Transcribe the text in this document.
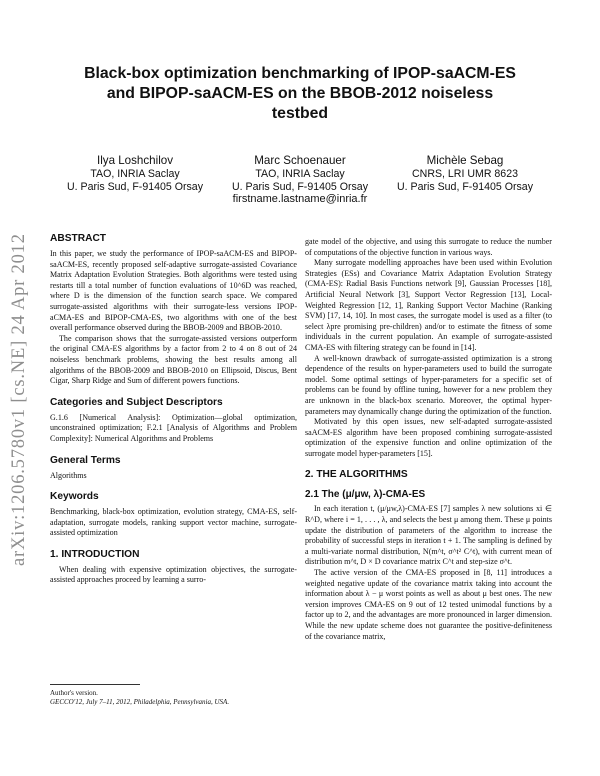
arXiv:1206.5780v1 [cs.NE] 24 Apr 2012
Black-box optimization benchmarking of IPOP-saACM-ES
and BIPOP-saACM-ES on the BBOB-2012 noiseless
testbed
Ilya Loshchilov
TAO, INRIA Saclay
U. Paris Sud, F-91405 Orsay
Marc Schoenauer
TAO, INRIA Saclay
U. Paris Sud, F-91405 Orsay
firstname.lastname@inria.fr
Michèle Sebag
CNRS, LRI UMR 8623
U. Paris Sud, F-91405 Orsay
ABSTRACT

In this paper, we study the performance of IPOP-saACM-ES and BIPOP-saACM-ES, recently proposed self-adaptive surrogate-assisted Covariance Matrix Adaptation Evolution Strategies. Both algorithms were tested using restarts till a total number of function evaluations of 10^6D was reached, where D is the dimension of the function search space. We compared surrogate-assisted algorithms with their surrogate-less versions IPOP-aCMA-ES and BIPOP-CMA-ES, two algorithms with one of the best overall performance observed during the BBOB-2009 and BBOB-2010.

The comparison shows that the surrogate-assisted versions outperform the original CMA-ES algorithms by a factor from 2 to 4 on 8 out of 24 noiseless benchmark problems, showing the best results among all algorithms of the BBOB-2009 and BBOB-2010 on Ellipsoid, Discus, Bent Cigar, Sharp Ridge and Sum of different powers functions.

Categories and Subject Descriptors

G.1.6 [Numerical Analysis]: Optimization—global optimization, unconstrained optimization; F.2.1 [Analysis of Algorithms and Problem Complexity]: Numerical Algorithms and Problems

General Terms

Algorithms

Keywords

Benchmarking, black-box optimization, evolution strategy, CMA-ES, self-adaptation, surrogate models, ranking support vector machine, surrogate-assisted optimization

1. INTRODUCTION

When dealing with expensive optimization objectives, the surrogate-assisted approaches proceed by learning a surro-

Author's version.
GECCO'12, July 7–11, 2012, Philadelphia, Pennsylvania, USA.

gate model of the objective, and using this surrogate to reduce the number of computations of the objective function in various ways.

Many surrogate modelling approaches have been used within Evolution Strategies (ESs) and Covariance Matrix Adaptation Evolution Strategy (CMA-ES): Radial Basis Functions network [9], Gaussian Processes [18], Artificial Neural Network [3], Support Vector Regression [13], Local-Weighted Regression [12, 1], Ranking Support Vector Machine (Ranking SVM) [17, 14, 10]. In most cases, the surrogate model is used as a filter (to select λpre promising pre-children) and/or to estimate the fitness of some individuals in the current population. An example of surrogate-assisted CMA-ES with filtering strategy can be found in [14].

A well-known drawback of surrogate-assisted optimization is a strong dependence of the results on hyper-parameters used to build the surrogate model. Some optimal settings of hyper-parameters for a specific set of problems can be found by offline tuning, however for a new problem they are unknown in the black-box scenario. Moreover, the optimal hyper-parameters may dynamically change during the optimization of the function.

Motivated by this open issues, new self-adapted surrogate-assisted saACM-ES algorithm have been proposed combining surrogate-assisted optimization of the expensive function and online optimization of the surrogate model hyper-parameters [15].

2. THE ALGORITHMS
2.1 The (μ/μw, λ)-CMA-ES

In each iteration t, (μ/μw,λ)-CMA-ES [7] samples λ new solutions xi ∈ R^D, where i = 1, . . . , λ, and selects the best μ among them. These μ points update the distribution of parameters of the algorithm to increase the probability of successful steps in iteration t + 1. The sampling is defined by a multi-variate normal distribution, N(m^t, σ^t² C^t), with current mean of distribution m^t, D × D covariance matrix C^t and step-size σ^t.

The active version of the CMA-ES proposed in [8, 11] introduces a weighted negative update of the covariance matrix taking into account the information about λ − μ worst points as well as about μ best ones. The new version improves CMA-ES on 9 out of 12 tested unimodal functions by a factor up to 2, and the advantages are more pronounced in larger dimension. While the new update scheme does not guarantee the positive-definiteness of the covariance matrix,
